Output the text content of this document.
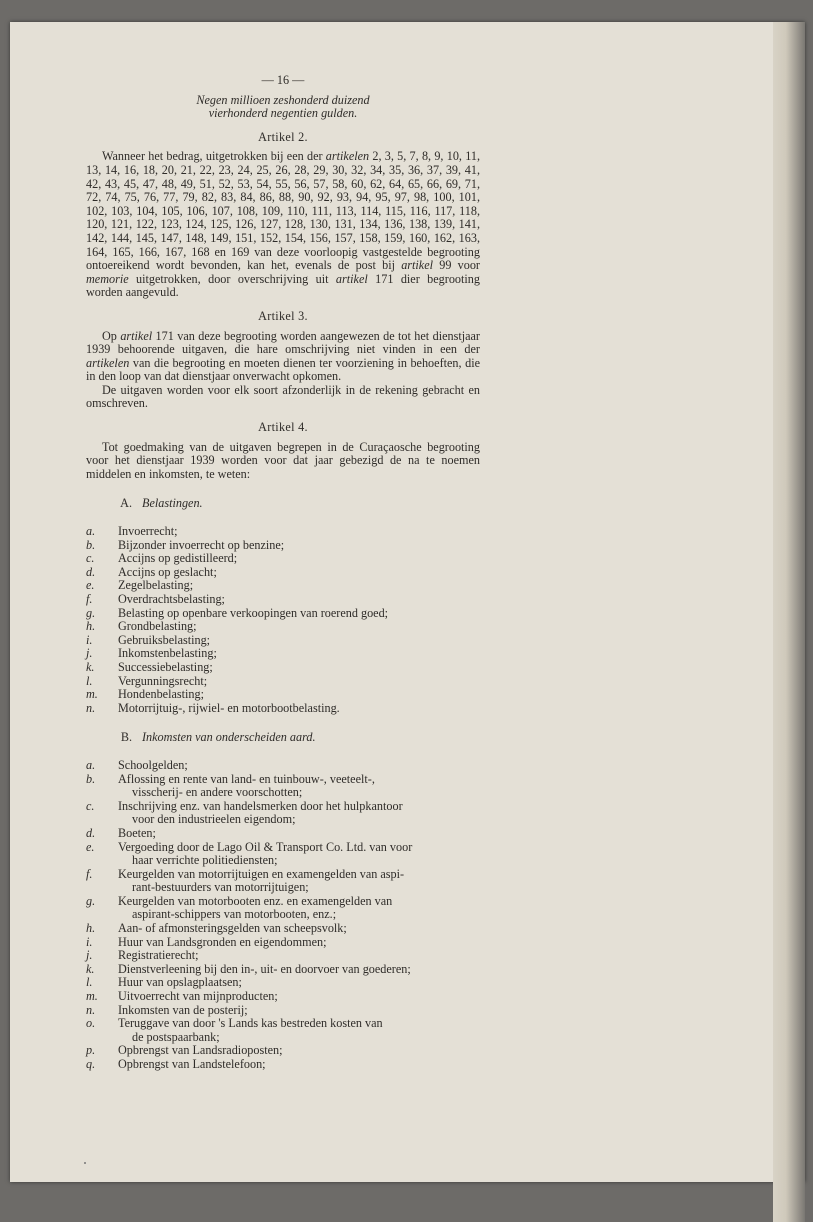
— 16 —
Negen millioen zeshonderd duizend
vierhonderd negentien gulden.
Artikel 2.

Wanneer het bedrag, uitgetrokken bij een der artikelen 2, 3, 5, 7, 8, 9, 10, 11, 13, 14, 16, 18, 20, 21, 22, 23, 24, 25, 26, 28, 29, 30, 32, 34, 35, 36, 37, 39, 41, 42, 43, 45, 47, 48, 49, 51, 52, 53, 54, 55, 56, 57, 58, 60, 62, 64, 65, 66, 69, 71, 72, 74, 75, 76, 77, 79, 82, 83, 84, 86, 88, 90, 92, 93, 94, 95, 97, 98, 100, 101, 102, 103, 104, 105, 106, 107, 108, 109, 110, 111, 113, 114, 115, 116, 117, 118, 120, 121, 122, 123, 124, 125, 126, 127, 128, 130, 131, 134, 136, 138, 139, 141, 142, 144, 145, 147, 148, 149, 151, 152, 154, 156, 157, 158, 159, 160, 162, 163, 164, 165, 166, 167, 168 en 169 van deze voorloopig vastgestelde begrooting ontoereikend wordt bevonden, kan het, evenals de post bij artikel 99 voor memorie uitgetrokken, door overschrijving uit artikel 171 dier begrooting worden aangevuld.

Artikel 3.

Op artikel 171 van deze begrooting worden aangewezen de tot het dienstjaar 1939 behoorende uitgaven, die hare omschrijving niet vinden in een der artikelen van die begrooting en moeten dienen ter voorziening in behoeften, die in den loop van dat dienstjaar onverwacht opkomen.

De uitgaven worden voor elk soort afzonderlijk in de rekening gebracht en omschreven.

Artikel 4.

Tot goedmaking van de uitgaven begrepen in de Curaçaosche begrooting voor het dienstjaar 1939 worden voor dat jaar gebezigd de na te noemen middelen en inkomsten, te weten:

A. Belastingen.
a.	Invoerrecht;
b.	Bijzonder invoerrecht op benzine;
c.	Accijns op gedistilleerd;
d.	Accijns op geslacht;
e.	Zegelbelasting;
f.	Overdrachtsbelasting;
g.	Belasting op openbare verkoopingen van roerend goed;
h.	Grondbelasting;
i.	Gebruiksbelasting;
j.	Inkomstenbelasting;
k.	Successiebelasting;
l.	Vergunningsrecht;
m.	Hondenbelasting;
n.	Motorrijtuig-, rijwiel- en motorbootbelasting.
B. Inkomsten van onderscheiden aard.
a.	Schoolgelden;
b.	Aflossing en rente van land- en tuinbouw-, veeteelt-,
visscherij- en andere voorschotten;
c.	Inschrijving enz. van handelsmerken door het hulpkantoor
voor den industrieelen eigendom;
d.	Boeten;
e.	Vergoeding door de Lago Oil & Transport Co. Ltd. van voor
haar verrichte politiediensten;
f.	Keurgelden van motorrijtuigen en examengelden van aspi-
rant-bestuurders van motorrijtuigen;
g.	Keurgelden van motorbooten enz. en examengelden van
aspirant-schippers van motorbooten, enz.;
h.	Aan- of afmonsteringsgelden van scheepsvolk;
i.	Huur van Landsgronden en eigendommen;
j.	Registratierecht;
k.	Dienstverleening bij den in-, uit- en doorvoer van goederen;
l.	Huur van opslagplaatsen;
m.	Uitvoerrecht van mijnproducten;
n.	Inkomsten van de posterij;
o.	Teruggave van door 's Lands kas bestreden kosten van
de postspaarbank;
p.	Opbrengst van Landsradioposten;
q.	Opbrengst van Landstelefoon;
